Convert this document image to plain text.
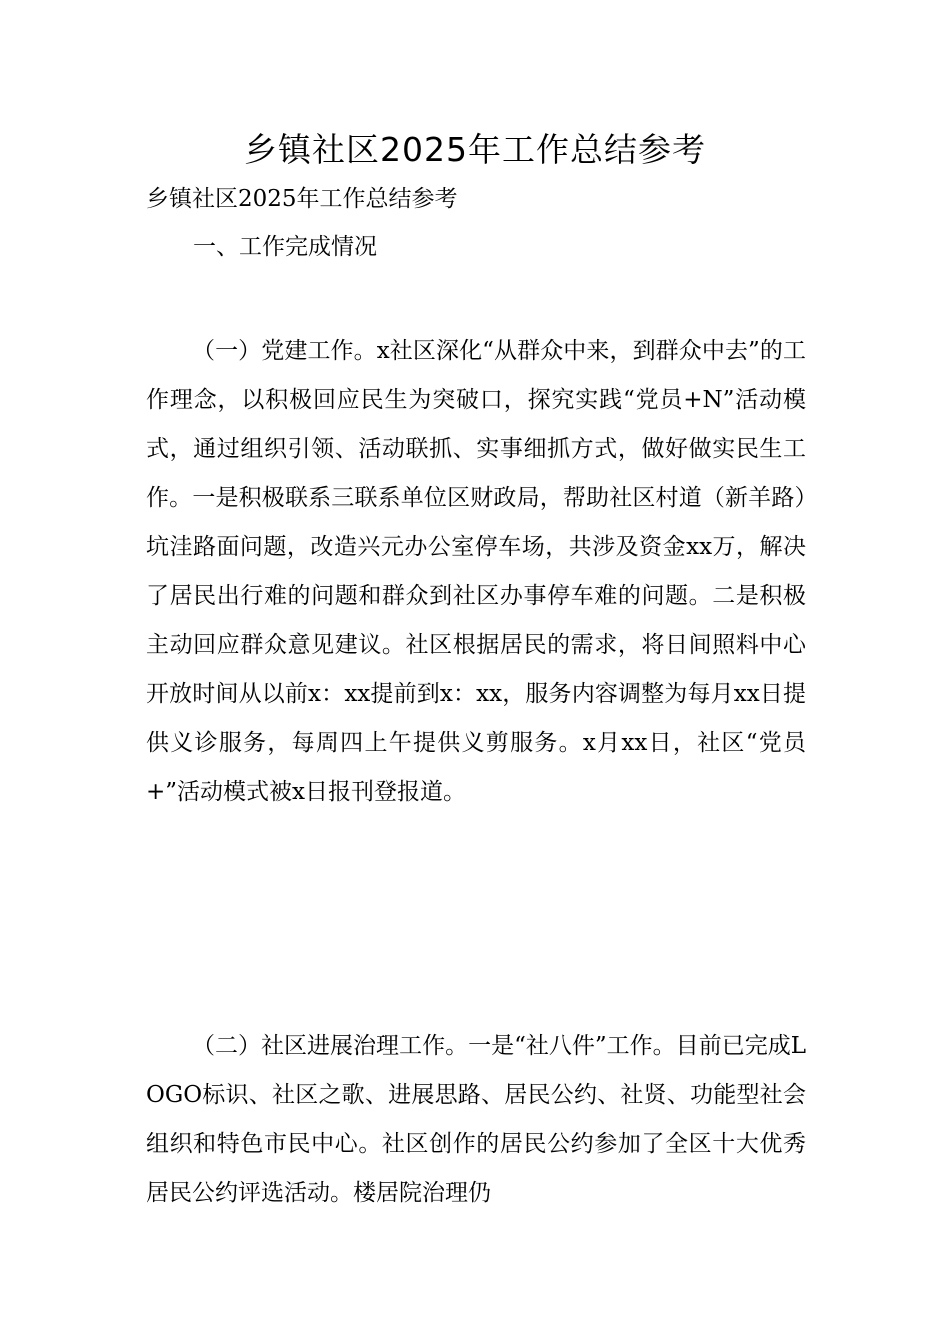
乡镇社区2025年工作总结参考

乡镇社区2025年工作总结参考

一、工作完成情况

（一）党建工作。x社区深化“从群众中来，到群众中去”的工作理念，以积极回应民生为突破口，探究实践“党员+N”活动模式，通过组织引领、活动联抓、实事细抓方式，做好做实民生工作。一是积极联系三联系单位区财政局，帮助社区村道（新羊路）坑洼路面问题，改造兴元办公室停车场，共涉及资金xx万，解决了居民出行难的问题和群众到社区办事停车难的问题。二是积极主动回应群众意见建议。社区根据居民的需求，将日间照料中心开放时间从以前x：xx提前到x：xx，服务内容调整为每月xx日提供义诊服务，每周四上午提供义剪服务。x月xx日，社区“党员+”活动模式被x日报刊登报道。

（二）社区进展治理工作。一是“社八件”工作。目前已完成LOGO标识、社区之歌、进展思路、居民公约、社贤、功能型社会组织和特色市民中心。社区创作的居民公约参加了全区十大优秀居民公约评选活动。楼居院治理仍
